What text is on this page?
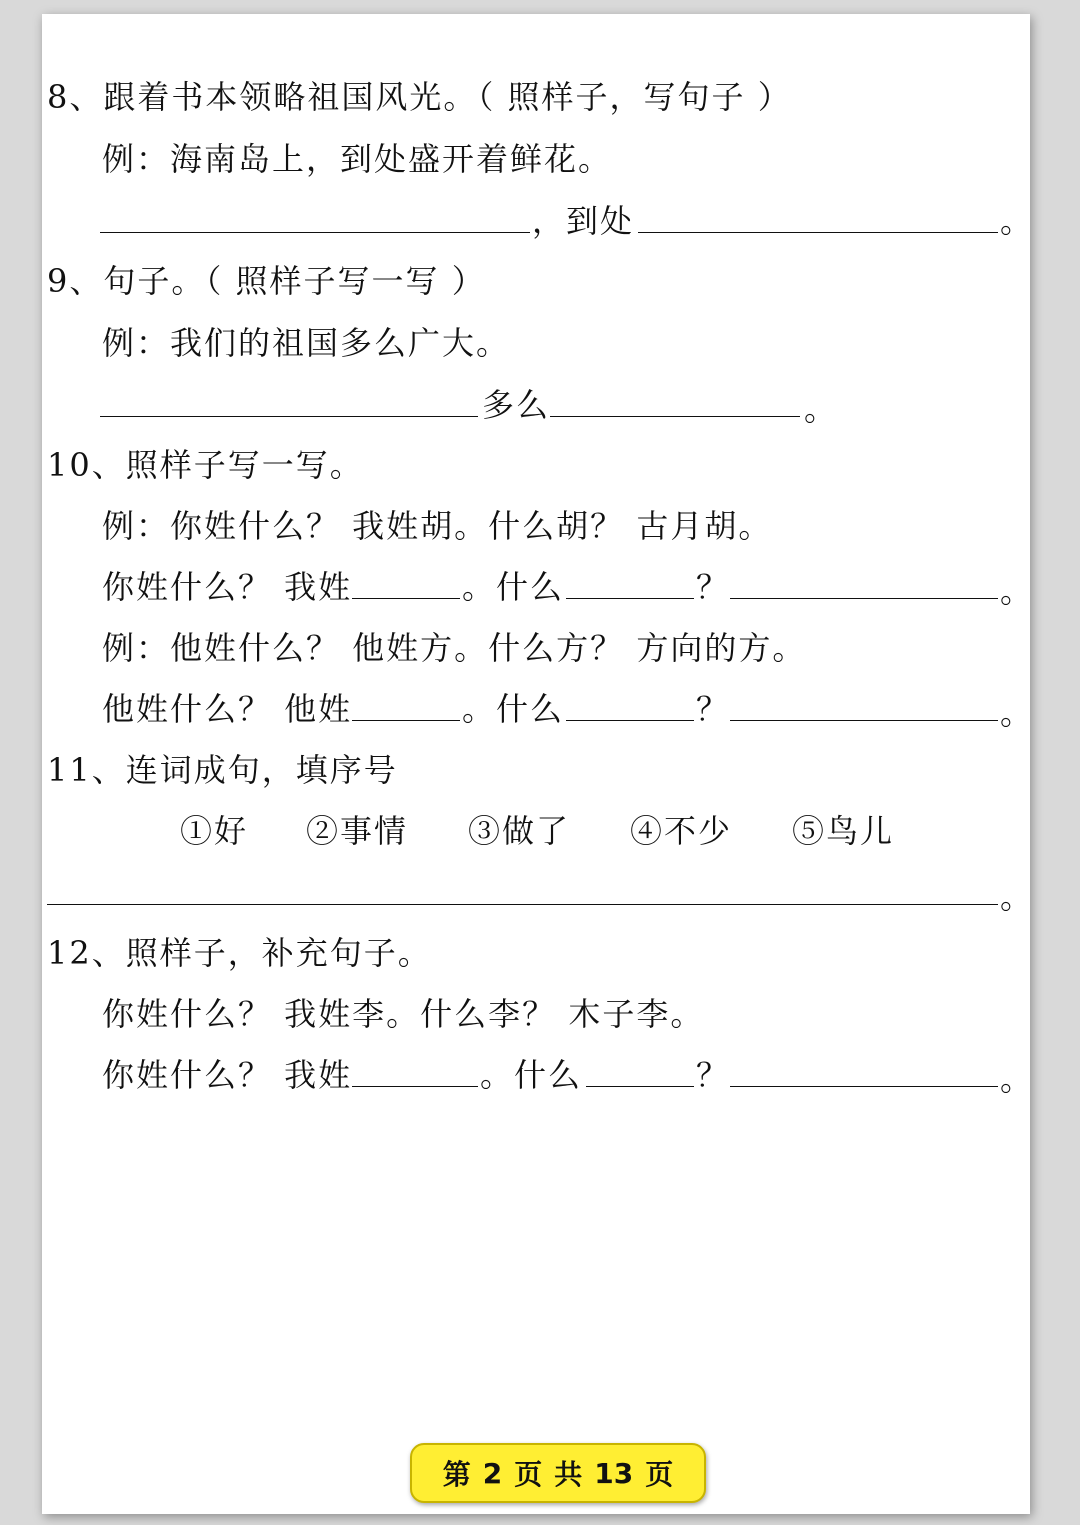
8、跟着书本领略祖国风光。（ 照样子，写句子 ）
例：海南岛上，到处盛开着鲜花。
，到处	。
9、句子。（ 照样子写一写 ）
例：我们的祖国多么广大。
多么	。
10、照样子写一写。
例：你姓什么？ 我姓胡。什么胡？ 古月胡。
你姓什么？ 我姓	。什么	？	。
例：他姓什么？ 他姓方。什么方？ 方向的方。
他姓什么？ 他姓	。什么	？	。
11、连词成句，填序号
①好 ②事情 ③做了 ④不少 ⑤鸟儿
。
12、照样子，补充句子。
你姓什么？ 我姓李。什么李？ 木子李。
你姓什么？ 我姓	。什么	？	。
第 2 页 共 13 页
